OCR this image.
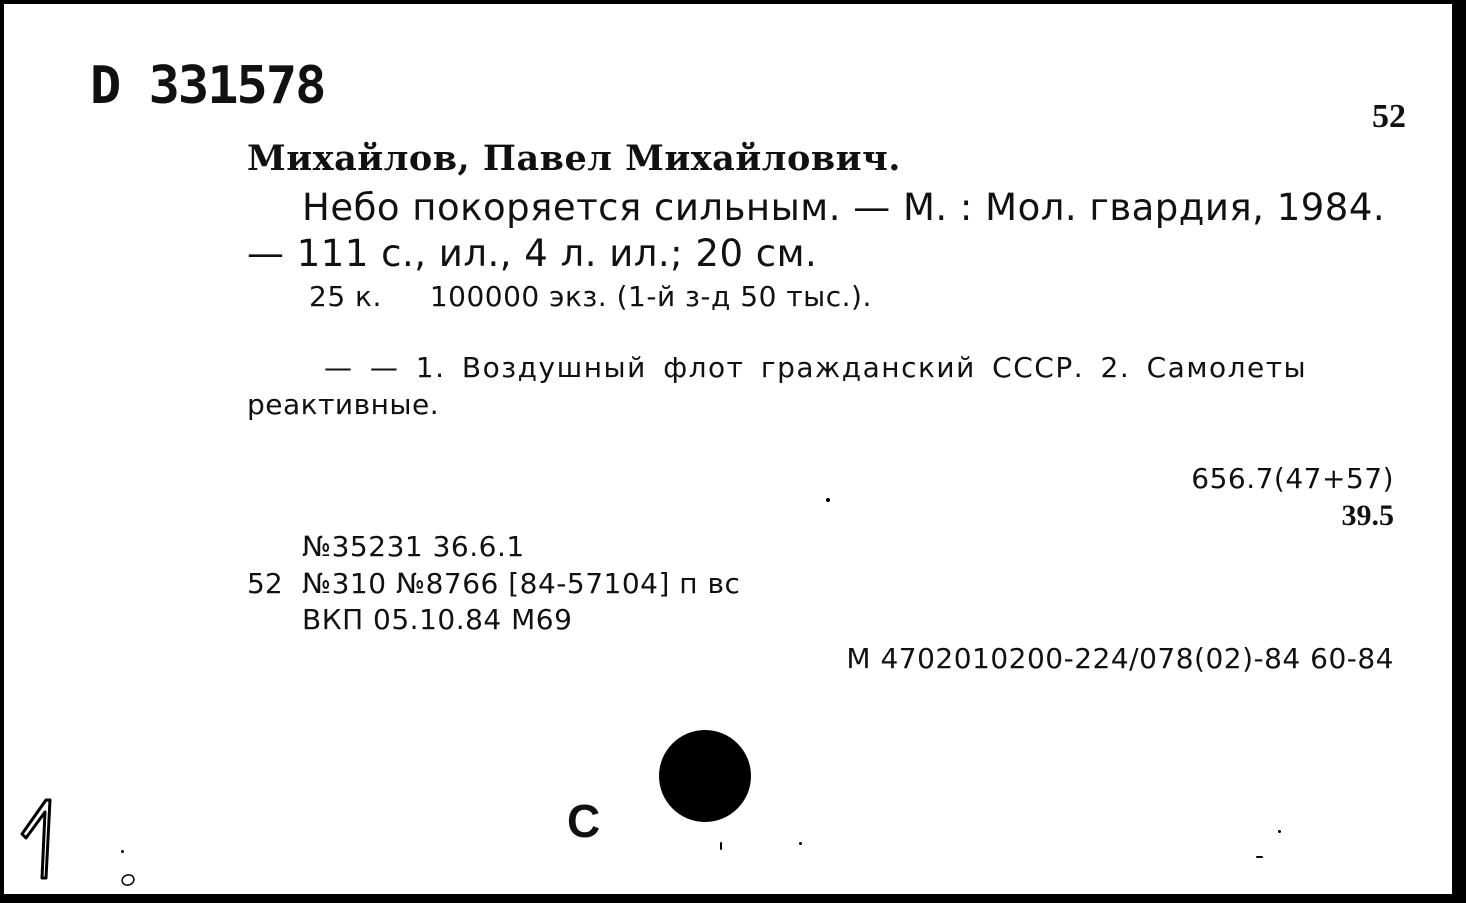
D 331578
52
Михайлов, Павел Михайлович.
Небо покоряется сильным. — М. : Мол. гвардия, 1984.
— 111 с., ил., 4 л. ил.; 20 см.
25 к. 100000 экз. (1-й з-д 50 тыс.).
— — 1. Воздушный флот гражданский СССР. 2. Самолеты
реактивные.
656.7(47+57)
39.5
№35231 36.6.1
52 №310 №8766 [84-57104] п вс
ВКП 05.10.84 М69
М 4702010200-224/078(02)-84 60-84
С
